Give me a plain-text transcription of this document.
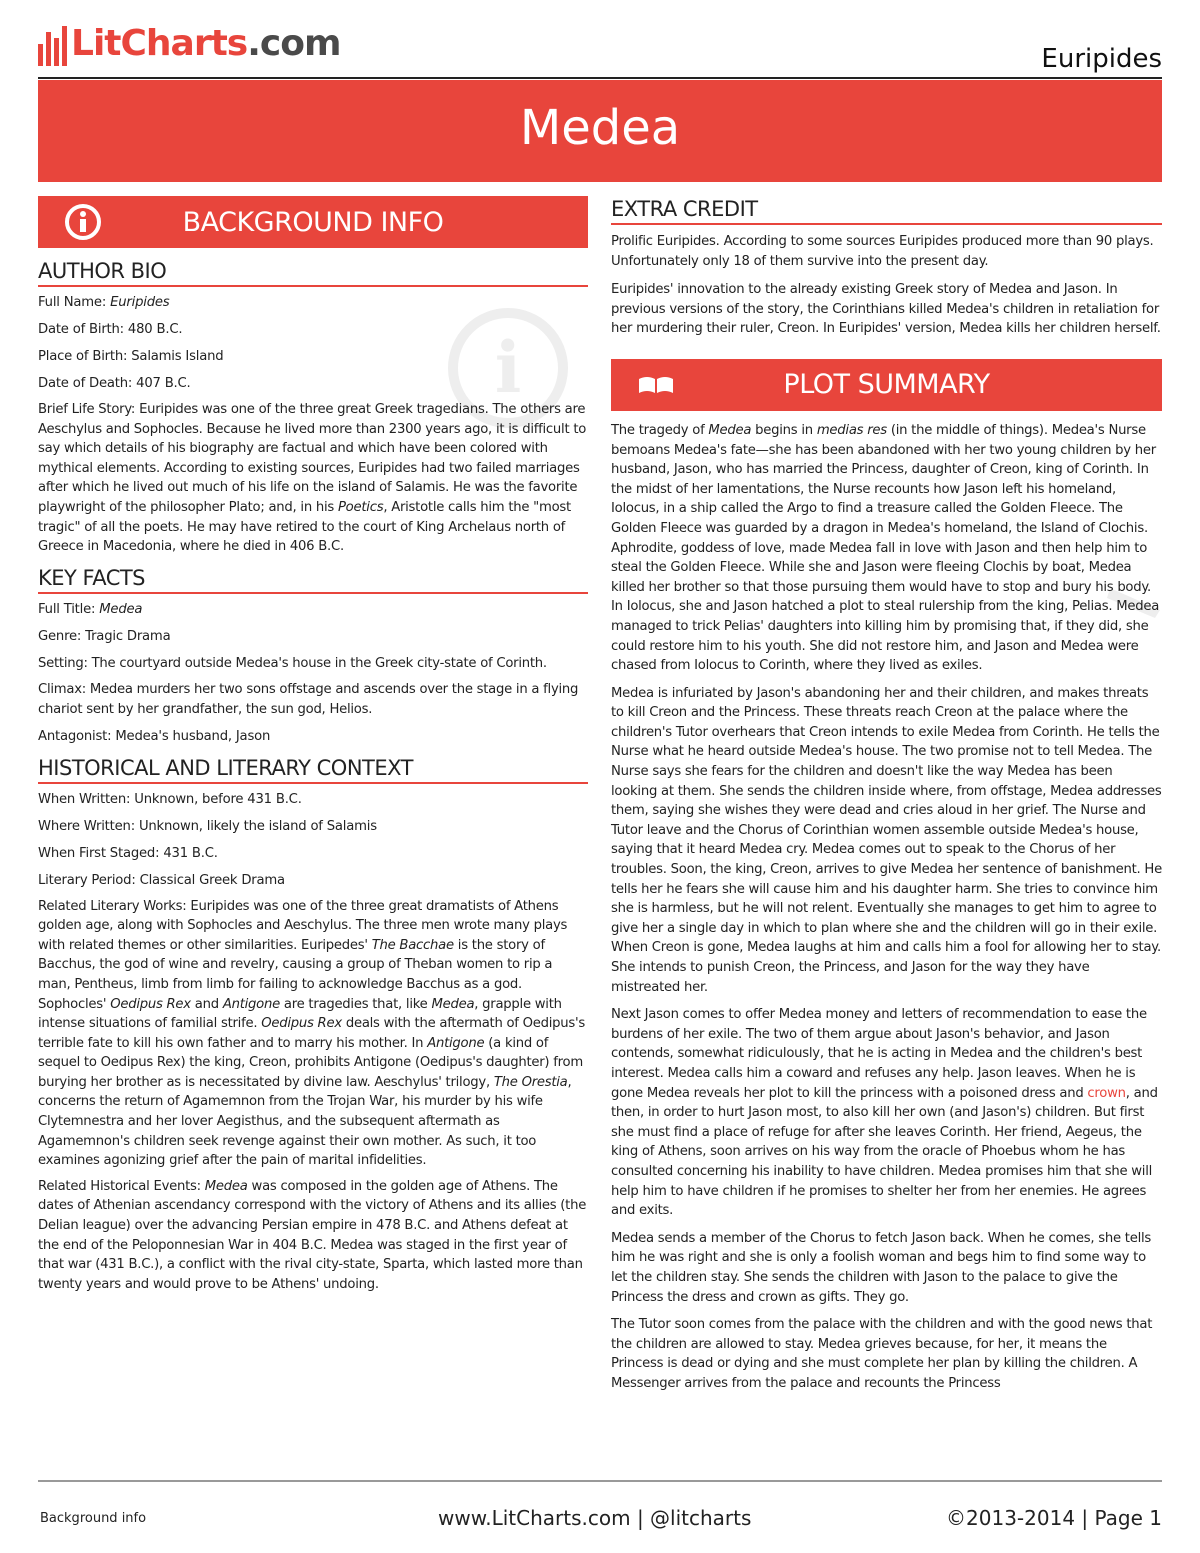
LitCharts.com	Euripides
Medea
i
BACKGROUND INFO
AUTHOR BIO
Full Name: Euripides
Date of Birth: 480 B.C.
Place of Birth: Salamis Island
Date of Death: 407 B.C.
Brief Life Story: Euripides was one of the three great Greek tragedians. The others are Aeschylus and Sophocles. Because he lived more than 2300 years ago, it is difficult to say which details of his biography are factual and which have been colored with mythical elements. According to existing sources, Euripides had two failed marriages after which he lived out much of his life on the island of Salamis. He was the favorite playwright of the philosopher Plato; and, in his Poetics, Aristotle calls him the "most tragic" of all the poets. He may have retired to the court of King Archelaus north of Greece in Macedonia, where he died in 406 B.C.
KEY FACTS
Full Title: Medea
Genre: Tragic Drama
Setting: The courtyard outside Medea's house in the Greek city-state of Corinth.
Climax: Medea murders her two sons offstage and ascends over the stage in a flying chariot sent by her grandfather, the sun god, Helios.
Antagonist: Medea's husband, Jason
HISTORICAL AND LITERARY CONTEXT
When Written: Unknown, before 431 B.C.
Where Written: Unknown, likely the island of Salamis
When First Staged: 431 B.C.
Literary Period: Classical Greek Drama
Related Literary Works: Euripides was one of the three great dramatists of Athens golden age, along with Sophocles and Aeschylus. The three men wrote many plays with related themes or other similarities. Euripedes' The Bacchae is the story of Bacchus, the god of wine and revelry, causing a group of Theban women to rip a man, Pentheus, limb from limb for failing to acknowledge Bacchus as a god. Sophocles' Oedipus Rex and Antigone are tragedies that, like Medea, grapple with intense situations of familial strife. Oedipus Rex deals with the aftermath of Oedipus's terrible fate to kill his own father and to marry his mother. In Antigone (a kind of sequel to Oedipus Rex) the king, Creon, prohibits Antigone (Oedipus's daughter) from burying her brother as is necessitated by divine law. Aeschylus' trilogy, The Orestia, concerns the return of Agamemnon from the Trojan War, his murder by his wife Clytemnestra and her lover Aegisthus, and the subsequent aftermath as Agamemnon's children seek revenge against their own mother. As such, it too examines agonizing grief after the pain of marital infidelities.
Related Historical Events: Medea was composed in the golden age of Athens. The dates of Athenian ascendancy correspond with the victory of Athens and its allies (the Delian league) over the advancing Persian empire in 478 B.C. and Athens defeat at the end of the Peloponnesian War in 404 B.C. Medea was staged in the first year of that war (431 B.C.), a conflict with the rival city-state, Sparta, which lasted more than twenty years and would prove to be Athens' undoing.
EXTRA CREDIT
Prolific Euripides. According to some sources Euripides produced more than 90 plays. Unfortunately only 18 of them survive into the present day.
Euripides' innovation to the already existing Greek story of Medea and Jason. In previous versions of the story, the Corinthians killed Medea's children in retaliation for her murdering their ruler, Creon. In Euripides' version, Medea kills her children herself.
PLOT SUMMARY
The tragedy of Medea begins in medias res (in the middle of things). Medea's Nurse bemoans Medea's fate—she has been abandoned with her two young children by her husband, Jason, who has married the Princess, daughter of Creon, king of Corinth. In the midst of her lamentations, the Nurse recounts how Jason left his homeland, Iolocus, in a ship called the Argo to find a treasure called the Golden Fleece. The Golden Fleece was guarded by a dragon in Medea's homeland, the Island of Clochis. Aphrodite, goddess of love, made Medea fall in love with Jason and then help him to steal the Golden Fleece. While she and Jason were fleeing Clochis by boat, Medea killed her brother so that those pursuing them would have to stop and bury his body. In Iolocus, she and Jason hatched a plot to steal rulership from the king, Pelias. Medea managed to trick Pelias' daughters into killing him by promising that, if they did, she could restore him to his youth. She did not restore him, and Jason and Medea were chased from Iolocus to Corinth, where they lived as exiles.
Medea is infuriated by Jason's abandoning her and their children, and makes threats to kill Creon and the Princess. These threats reach Creon at the palace where the children's Tutor overhears that Creon intends to exile Medea from Corinth. He tells the Nurse what he heard outside Medea's house. The two promise not to tell Medea. The Nurse says she fears for the children and doesn't like the way Medea has been looking at them. She sends the children inside where, from offstage, Medea addresses them, saying she wishes they were dead and cries aloud in her grief. The Nurse and Tutor leave and the Chorus of Corinthian women assemble outside Medea's house, saying that it heard Medea cry. Medea comes out to speak to the Chorus of her troubles. Soon, the king, Creon, arrives to give Medea her sentence of banishment. He tells her he fears she will cause him and his daughter harm. She tries to convince him she is harmless, but he will not relent. Eventually she manages to get him to agree to give her a single day in which to plan where she and the children will go in their exile. When Creon is gone, Medea laughs at him and calls him a fool for allowing her to stay. She intends to punish Creon, the Princess, and Jason for the way they have mistreated her.
Next Jason comes to offer Medea money and letters of recommendation to ease the burdens of her exile. The two of them argue about Jason's behavior, and Jason contends, somewhat ridiculously, that he is acting in Medea and the children's best interest. Medea calls him a coward and refuses any help. Jason leaves. When he is gone Medea reveals her plot to kill the princess with a poisoned dress and crown, and then, in order to hurt Jason most, to also kill her own (and Jason's) children. But first she must find a place of refuge for after she leaves Corinth. Her friend, Aegeus, the king of Athens, soon arrives on his way from the oracle of Phoebus whom he has consulted concerning his inability to have children. Medea promises him that she will help him to have children if he promises to shelter her from her enemies. He agrees and exits.
Medea sends a member of the Chorus to fetch Jason back. When he comes, she tells him he was right and she is only a foolish woman and begs him to find some way to let the children stay. She sends the children with Jason to the palace to give the Princess the dress and crown as gifts. They go.
The Tutor soon comes from the palace with the children and with the good news that the children are allowed to stay. Medea grieves because, for her, it means the Princess is dead or dying and she must complete her plan by killing the children. A Messenger arrives from the palace and recounts the Princess
Background info	www.LitCharts.com | @litcharts	©2013-2014 | Page 1
